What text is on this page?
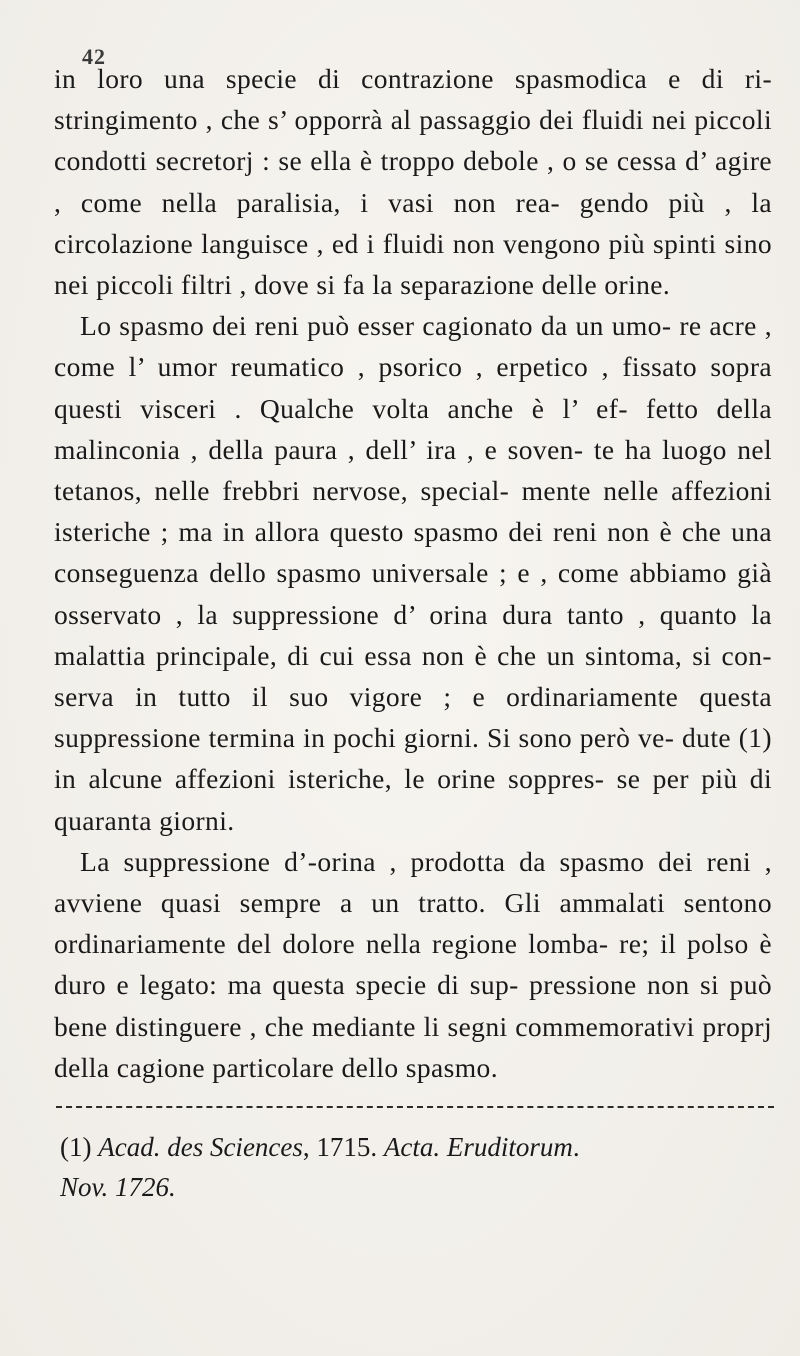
42

in loro una specie di contrazione spasmodica e di ri- stringimento , che s’ opporrà al passaggio dei fluidi nei piccoli condotti secretorj : se ella è troppo debole , o se cessa d’ agire , come nella paralisia, i vasi non rea- gendo più , la circolazione languisce , ed i fluidi non vengono più spinti sino nei piccoli filtri , dove si fa la separazione delle orine.

Lo spasmo dei reni può esser cagionato da un umo- re acre , come l’ umor reumatico , psorico , erpetico , fissato sopra questi visceri . Qualche volta anche è l’ ef- fetto della malinconia , della paura , dell’ ira , e soven- te ha luogo nel tetanos, nelle frebbri nervose, special- mente nelle affezioni isteriche ; ma in allora questo spasmo dei reni non è che una conseguenza dello spasmo universale ; e , come abbiamo già osservato , la suppressione d’ orina dura tanto , quanto la malattia principale, di cui essa non è che un sintoma, si con- serva in tutto il suo vigore ; e ordinariamente questa suppressione termina in pochi giorni. Si sono però ve- dute (1) in alcune affezioni isteriche, le orine soppres- se per più di quaranta giorni.

La suppressione d’-orina , prodotta da spasmo dei reni , avviene quasi sempre a un tratto. Gli ammalati sentono ordinariamente del dolore nella regione lomba- re; il polso è duro e legato: ma questa specie di sup- pressione non si può bene distinguere , che mediante li segni commemorativi proprj della cagione particolare dello spasmo.

(1) Acad. des Sciences, 1715. Acta. Eruditorum.

Nov. 1726.
